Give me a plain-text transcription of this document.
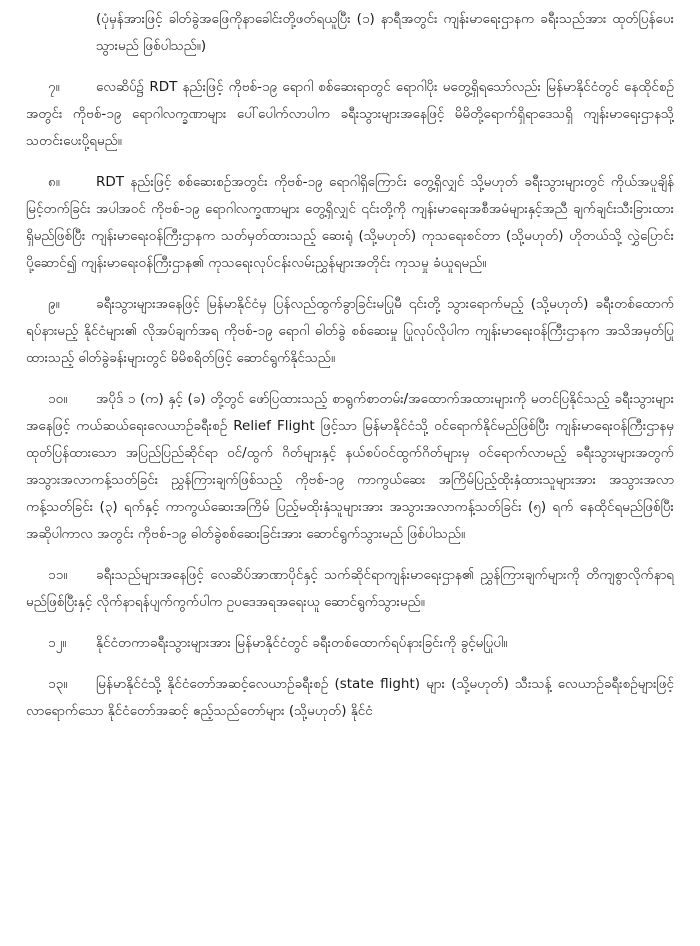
(ပုံမှန်အားဖြင့် ခါတ်ခွဲအဖြေကိုနာခေါင်းတို့ဖတ်ရယူပြီး (၁) နာရီအတွင်း ကျန်းမာရေးဌာနက ခရီးသည်အား ထုတ်ပြန်ပေးသွားမည် ဖြစ်ပါသည်။)

၇။	လေဆိပ်၌ RDT နည်းဖြင့် ကိုဗစ်-၁၉ ရောဂါ စစ်ဆေးရာတွင် ရောဂါပိုး မတွေ့ရှိရသော်လည်း မြန်မာနိုင်ငံတွင် နေထိုင်စဉ်အတွင်း ကိုဗစ်-၁၉ ရောဂါလက္ခဏာများ ပေါ်ပေါက်လာပါက ခရီးသွားများအနေဖြင့် မိမိတို့ရောက်ရှိရာဒေသရှိ ကျန်းမာရေးဌာနသို့ သတင်းပေးပို့ရမည်။

၈။	RDT နည်းဖြင့် စစ်ဆေးစဉ်အတွင်း ကိုဗစ်-၁၉ ရောဂါရှိကြောင်း တွေ့ရှိလျှင် သို့မဟုတ် ခရီးသွားများတွင် ကိုယ်အပူချိန်မြင့်တက်ခြင်း အပါအဝင် ကိုဗစ်-၁၉ ရောဂါလက္ခဏာများ တွေ့ရှိလျှင် ၎င်းတို့ကို ကျန်းမာရေးအစီအမံများနှင့်အညီ ချက်ချင်းသီးခြားထားရှိမည်ဖြစ်ပြီး ကျန်းမာရေးဝန်ကြီးဌာနက သတ်မှတ်ထားသည့် ဆေးရုံ (သို့မဟုတ်) ကုသရေးစင်တာ (သို့မဟုတ်) ဟိုတယ်သို့ လွှဲပြောင်းပို့ဆောင်၍ ကျန်းမာရေးဝန်ကြီးဌာန၏ ကုသရေးလုပ်ငန်းလမ်းညွှန်များအတိုင်း ကုသမှု ခံယူရမည်။

၉။	ခရီးသွားများအနေဖြင့် မြန်မာနိုင်ငံမှ ပြန်လည်ထွက်ခွာခြင်းမပြုမီ ၎င်းတို့ သွားရောက်မည့် (သို့မဟုတ်) ခရီးတစ်ထောက်ရပ်နားမည့် နိုင်ငံများ၏ လိုအပ်ချက်အရ ကိုဗစ်-၁၉ ရောဂါ ဓါတ်ခွဲ စစ်ဆေးမှု ပြုလုပ်လိုပါက ကျန်းမာရေးဝန်ကြီးဌာနက အသိအမှတ်ပြုထားသည့် ဓါတ်ခွဲခန်းများတွင် မိမိစရိတ်ဖြင့် ဆောင်ရွက်နိုင်သည်။

၁၀။ အပိုဒ် ၁ (က) နှင့် (ခ) တို့တွင် ဖော်ပြထားသည့် စာရွက်စာတမ်း/အထောက်အထားများကို မတင်ပြနိုင်သည့် ခရီးသွားများအနေဖြင့် ကယ်ဆယ်ရေးလေယာဉ်ခရီးစဉ် Relief Flight ဖြင့်သာ မြန်မာနိုင်ငံသို့ ဝင်ရောက်နိုင်မည်ဖြစ်ပြီး ကျန်းမာရေးဝန်ကြီးဌာနမှ ထုတ်ပြန်ထားသော အပြည်ပြည်ဆိုင်ရာ ဝင်/ထွက် ဂိတ်များနှင့် နယ်စပ်ဝင်ထွက်ဂိတ်များမှ ဝင်ရောက်လာမည့် ခရီးသွားများအတွက် အသွားအလာကန့်သတ်ခြင်း ညွှန်ကြားချက်ဖြစ်သည့် ကိုဗစ်-၁၉ ကာကွယ်ဆေး အကြိမ်ပြည့်ထိုးနှံထားသူများအား အသွားအလာကန့်သတ်ခြင်း (၃) ရက်နှင့် ကာကွယ်ဆေးအကြိမ် ပြည့်မထိုးနှံသူများအား အသွားအလာကန့်သတ်ခြင်း (၅) ရက် နေထိုင်ရမည်ဖြစ်ပြီး အဆိုပါကာလ အတွင်း ကိုဗစ်-၁၉ ဓါတ်ခွဲစစ်ဆေးခြင်းအား ဆောင်ရွက်သွားမည် ဖြစ်ပါသည်။

၁၁။ ခရီးသည်များအနေဖြင့် လေဆိပ်အာဏာပိုင်နှင့် သက်ဆိုင်ရာကျန်းမာရေးဌာန၏ ညွှန်ကြားချက်များကို တိကျစွာလိုက်နာရမည်ဖြစ်ပြီးနှင့် လိုက်နာရန်ပျက်ကွက်ပါက ဥပဒေအရအရေးယူ ဆောင်ရွက်သွားမည်။

၁၂။ နိုင်ငံတကာခရီးသွားများအား မြန်မာနိုင်ငံတွင် ခရီးတစ်ထောက်ရပ်နားခြင်းကို ခွင့်မပြုပါ။

၁၃။ မြန်မာနိုင်ငံသို့ နိုင်ငံတော်အဆင့်လေယာဉ်ခရီးစဉ် (state flight) များ (သို့မဟုတ်) သီးသန့် လေယာဉ်ခရီးစဉ်များဖြင့် လာရောက်သော နိုင်ငံတော်အဆင့် ဧည့်သည်တော်များ (သို့မဟုတ်) နိုင်ငံ
